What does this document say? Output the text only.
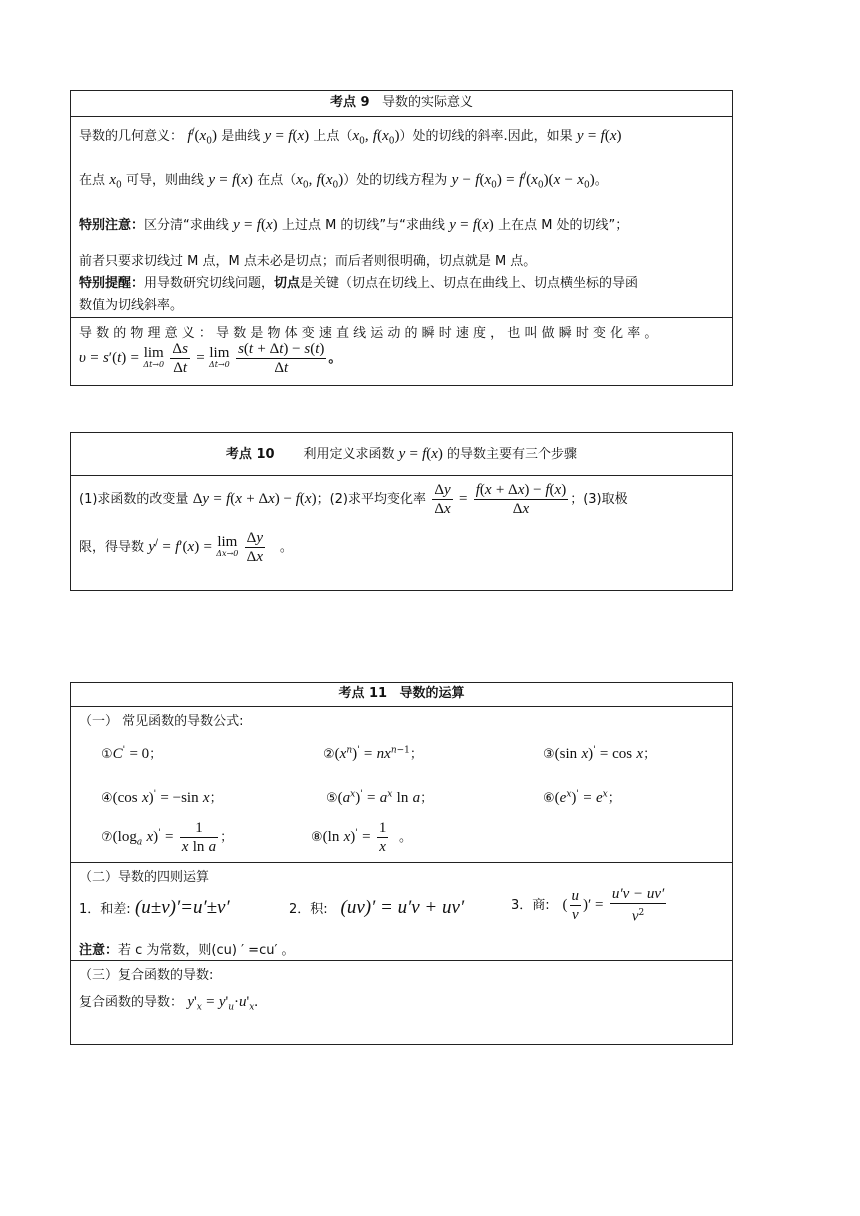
考点 9 导数的实际意义
导数的几何意义： $f^/(x_0)$ 是曲线 y = f(x) 上点（$x_0$, $f(x_0)$）处的切线的斜率.因此，如果 y = f(x)
在点 $x_0$ 可导，则曲线 y = f(x) 在点（$x_0$, $f(x_0)$）处的切线方程为 $y - f(x_0) = f^/(x_0)(x - x_0)$。
特别注意：区分清“求曲线 y = f(x) 上过点 M 的切线”与“求曲线 y = f(x) 上在点 M 处的切线”；
前者只要求切线过 M 点，M 点未必是切点；而后者则很明确，切点就是 M 点。
特别提醒：用导数研究切线问题，切点是关键（切点在切线上、切点在曲线上、切点横坐标的导函
数值为切线斜率。
导 数 的 物 理 意 义 ： 导 数 是 物 体 变 速 直 线 运 动 的 瞬 时 速 度 ， 也 叫 做 瞬 时 变 化 率 。
υ = s′(t) = lim
Δt→0
$\frac{\Delta s}{\Delta t} = \lim$
Δt→0
$\frac{s(t + \Delta t) - s(t)}{\Delta t}$ 。
考点 10 利用定义求函数 y = f(x) 的导数主要有三个步骤
(1)求函数的改变量 Δy = f(x + Δx) − f(x)；(2)求平均变化率 $\frac{\Delta y}{\Delta x} = \frac{f(x + \Delta x) - f(x)}{\Delta x}$ ；(3)取极
限，得导数 y/ = f′(x) = lim
Δx→0
$\frac{\Delta y}{\Delta x}$ 。
考点 11 导数的运算
（一） 常见函数的导数公式:
①C' = 0；	$②(x^n)' = nx^{n-1}$；	③(sin x)' = cos x；
④(cos x)' = −sin x；	$⑤(a^x)' = a^x$ ln a；	$⑥(e^x)' = e^x$；
$⑦(\log_a$ $x)' = \frac{1}{\text{x ln a}}$ ；	⑧(ln $x)' = \frac{1}{x}$ 。
（二）导数的四则运算
1．和差: (u±v)′=u′±v′	2．积: (uv)′ = u′v + uv′	3．商: ( $\frac{u}{v}$ )′ = $\frac{u'v - uv'}{v^2}$
注意：若 c 为常数，则(cu) ′ =cu′ 。
（三）复合函数的导数:
复合函数的导数： $y'_x = y'_u\cdot u'_x$.
